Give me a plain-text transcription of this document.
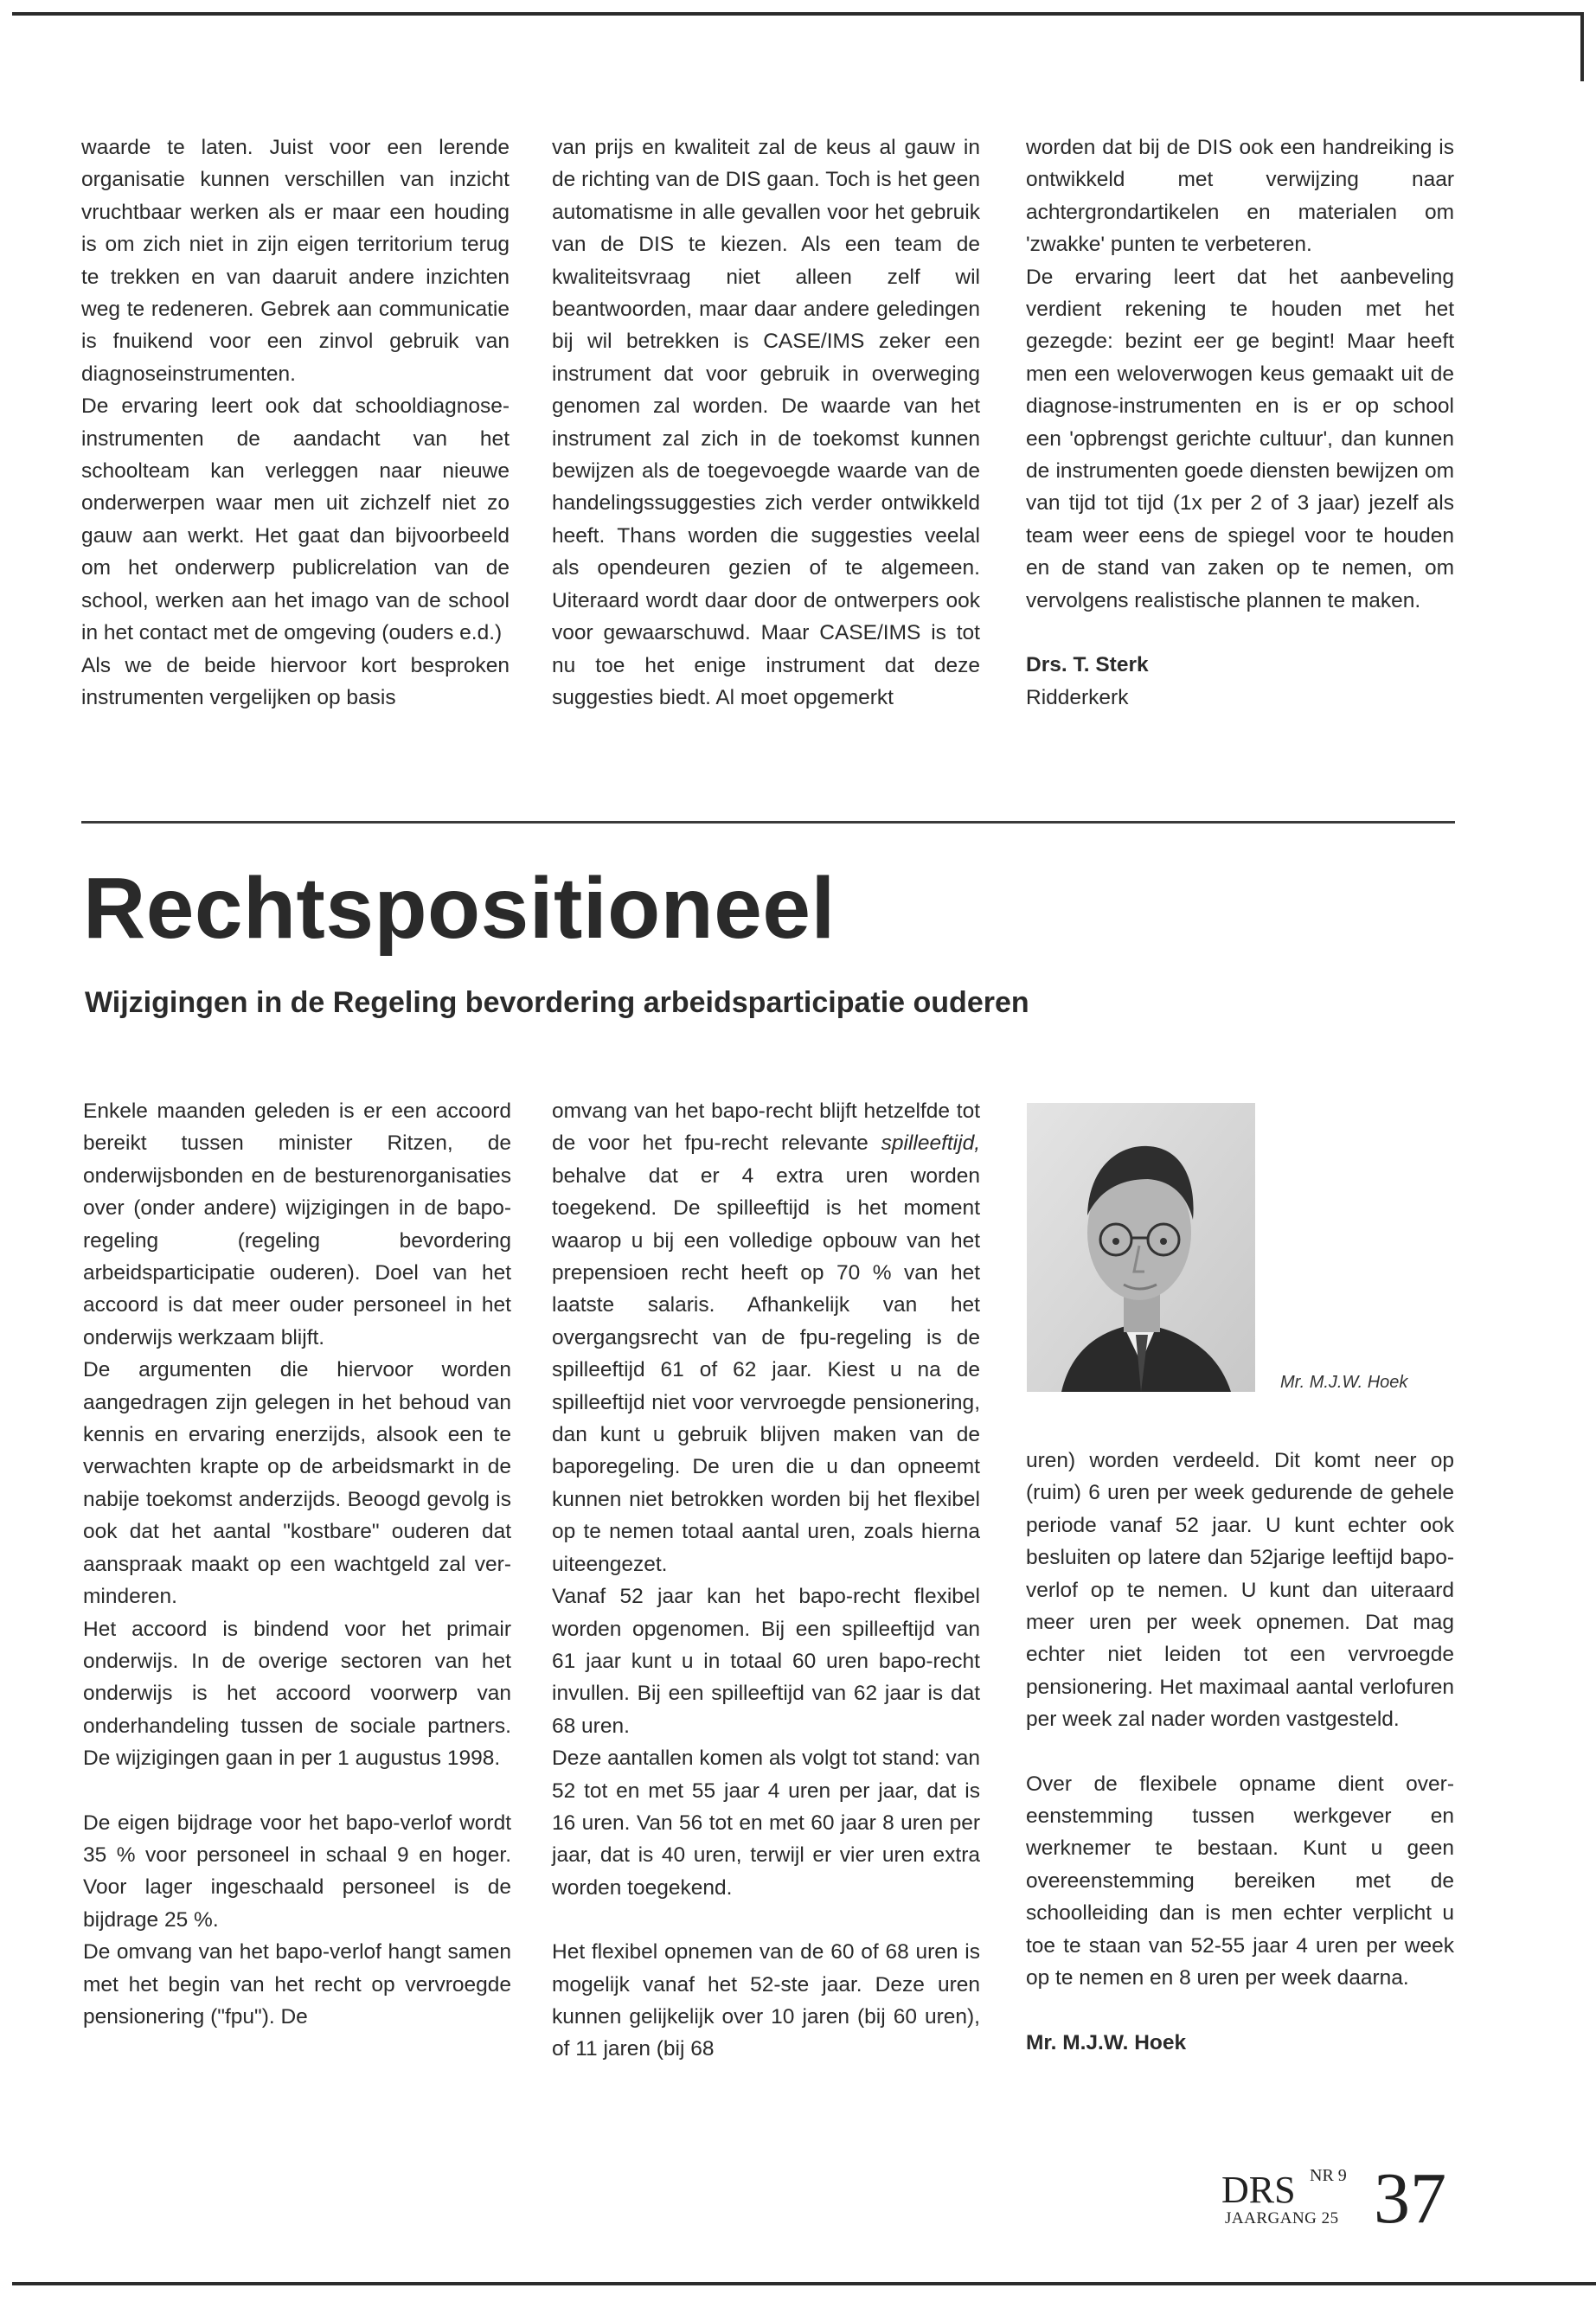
waarde te laten. Juist voor een lerende organisatie kunnen verschillen van inzicht vruchtbaar werken als er maar een houding is om zich niet in zijn eigen territorium terug te trekken en van daaruit andere inzichten weg te redeneren. Gebrek aan communicatie is fnuikend voor een zinvol gebruik van diagnoseinstrumenten.

De ervaring leert ook dat schooldiagnose-instrumenten de aandacht van het schoolteam kan verleggen naar nieuwe onderwerpen waar men uit zichzelf niet zo gauw aan werkt. Het gaat dan bijvoorbeeld om het onderwerp publicrelation van de school, werken aan het imago van de school in het contact met de omgeving (ouders e.d.)

Als we de beide hiervoor kort besproken instrumenten vergelijken op basis

van prijs en kwaliteit zal de keus al gauw in de richting van de DIS gaan. Toch is het geen automatisme in alle gevallen voor het gebruik van de DIS te kiezen. Als een team de kwaliteitsvraag niet alleen zelf wil beantwoorden, maar daar andere geledingen bij wil betrekken is CASE/IMS zeker een instrument dat voor gebruik in overweging genomen zal worden. De waarde van het instrument zal zich in de toekomst kunnen bewijzen als de toegevoegde waarde van de handelingssuggesties zich verder ontwikkeld heeft. Thans worden die suggesties veelal als opendeuren gezien of te algemeen. Uiteraard wordt daar door de ontwerpers ook voor gewaarschuwd. Maar CASE/IMS is tot nu toe het enige instrument dat deze suggesties biedt. Al moet opgemerkt

worden dat bij de DIS ook een handreiking is ontwikkeld met verwijzing naar achtergrondartikelen en materialen om 'zwakke' punten te verbeteren.

De ervaring leert dat het aanbeveling verdient rekening te houden met het gezegde: bezint eer ge begint! Maar heeft men een weloverwogen keus gemaakt uit de diagnose-instrumenten en is er op school een 'opbrengst gerichte cultuur', dan kunnen de instrumenten goede diensten bewijzen om van tijd tot tijd (1x per 2 of 3 jaar) jezelf als team weer eens de spiegel voor te houden en de stand van zaken op te nemen, om vervolgens realistische plannen te maken.

Drs. T. Sterk

Ridderkerk

Rechtspositioneel
Wijzigingen in de Regeling bevordering arbeidsparticipatie ouderen

Enkele maanden geleden is er een accoord bereikt tussen minister Ritzen, de onderwijsbonden en de besturenorganisaties over (onder andere) wijzigingen in de bapo-regeling (regeling bevordering arbeidsparticipatie ouderen). Doel van het accoord is dat meer ouder personeel in het onderwijs werkzaam blijft.

De argumenten die hiervoor worden aangedragen zijn gelegen in het behoud van kennis en ervaring enerzijds, alsook een te verwachten krapte op de arbeidsmarkt in de nabije toekomst anderzijds. Beoogd gevolg is ook dat het aantal "kostbare" ouderen dat aanspraak maakt op een wachtgeld zal verminderen.

Het accoord is bindend voor het primair onderwijs. In de overige sectoren van het onderwijs is het accoord voorwerp van onderhandeling tussen de sociale partners. De wijzigingen gaan in per 1 augustus 1998.

De eigen bijdrage voor het bapo-verlof wordt 35 % voor personeel in schaal 9 en hoger. Voor lager ingeschaald personeel is de bijdrage 25 %.

De omvang van het bapo-verlof hangt samen met het begin van het recht op vervroegde pensionering ("fpu"). De

omvang van het bapo-recht blijft hetzelfde tot de voor het fpu-recht relevante spilleeftijd, behalve dat er 4 extra uren worden toegekend. De spilleeftijd is het moment waarop u bij een volledige opbouw van het prepensioen recht heeft op 70 % van het laatste salaris. Afhankelijk van het overgangsrecht van de fpu-regeling is de spilleeftijd 61 of 62 jaar. Kiest u na de spilleeftijd niet voor vervroegde pensionering, dan kunt u gebruik blijven maken van de baporegeling. De uren die u dan opneemt kunnen niet betrokken worden bij het flexibel op te nemen totaal aantal uren, zoals hierna uiteengezet.

Vanaf 52 jaar kan het bapo-recht flexibel worden opgenomen. Bij een spilleeftijd van 61 jaar kunt u in totaal 60 uren bapo-recht invullen. Bij een spilleeftijd van 62 jaar is dat 68 uren.

Deze aantallen komen als volgt tot stand: van 52 tot en met 55 jaar 4 uren per jaar, dat is 16 uren. Van 56 tot en met 60 jaar 8 uren per jaar, dat is 40 uren, terwijl er vier uren extra worden toegekend.

Het flexibel opnemen van de 60 of 68 uren is mogelijk vanaf het 52-ste jaar. Deze uren kunnen gelijkelijk over 10 jaren (bij 60 uren), of 11 jaren (bij 68

Mr. M.J.W. Hoek

uren) worden verdeeld. Dit komt neer op (ruim) 6 uren per week gedurende de gehele periode vanaf 52 jaar. U kunt echter ook besluiten op latere dan 52jarige leeftijd bapo-verlof op te nemen. U kunt dan uiteraard meer uren per week opnemen. Dat mag echter niet leiden tot een vervroegde pensionering. Het maximaal aantal verlofuren per week zal nader worden vastgesteld.

Over de flexibele opname dient overeenstemming tussen werkgever en werknemer te bestaan. Kunt u geen overeenstemming bereiken met de schoolleiding dan is men echter verplicht u toe te staan van 52-55 jaar 4 uren per week op te nemen en 8 uren per week daarna.

Mr. M.J.W. Hoek

DRS NR 9
JAARGANG 25 37
